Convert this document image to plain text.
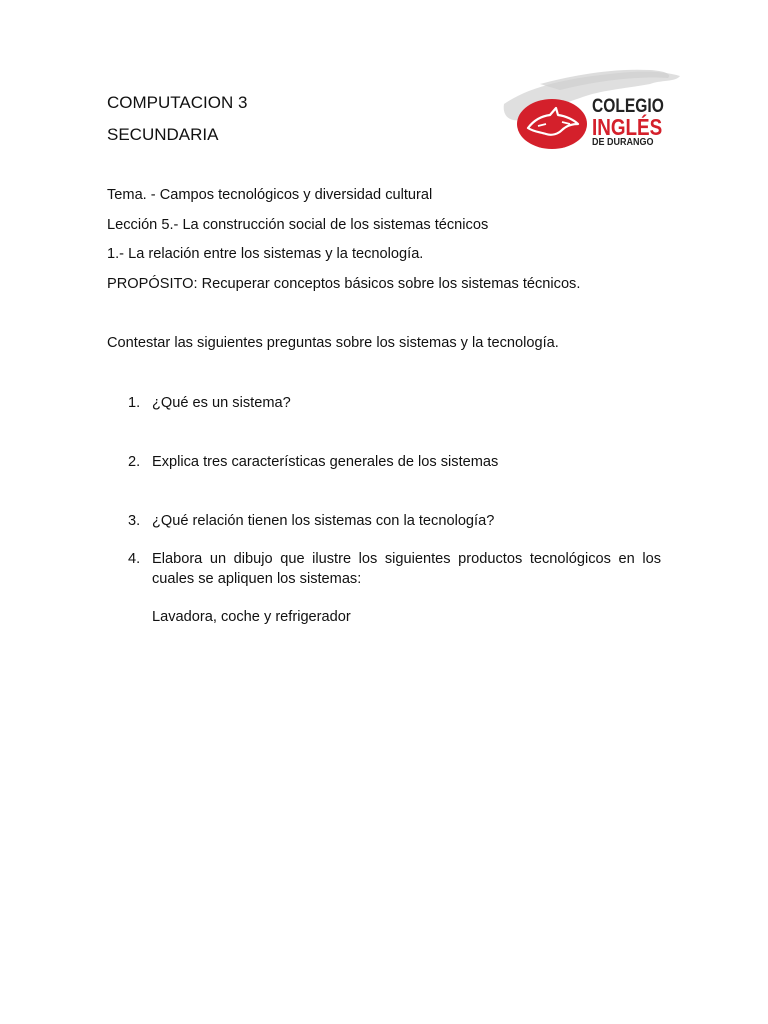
COMPUTACION 3
SECUNDARIA
COLEGIO
INGLÉS
DE DURANGO
Tema. - Campos tecnológicos y diversidad cultural
Lección 5.- La construcción social de los sistemas técnicos
1.- La relación entre los sistemas y la tecnología.
PROPÓSITO: Recuperar conceptos básicos sobre los sistemas técnicos.
Contestar las siguientes preguntas sobre los sistemas y la tecnología.
1. ¿Qué es un sistema?
2. Explica tres características generales de los sistemas
3. ¿Qué relación tienen los sistemas con la tecnología?
4. Elabora un dibujo que ilustre los siguientes productos tecnológicos en los cuales se apliquen los sistemas:
Lavadora, coche y refrigerador
